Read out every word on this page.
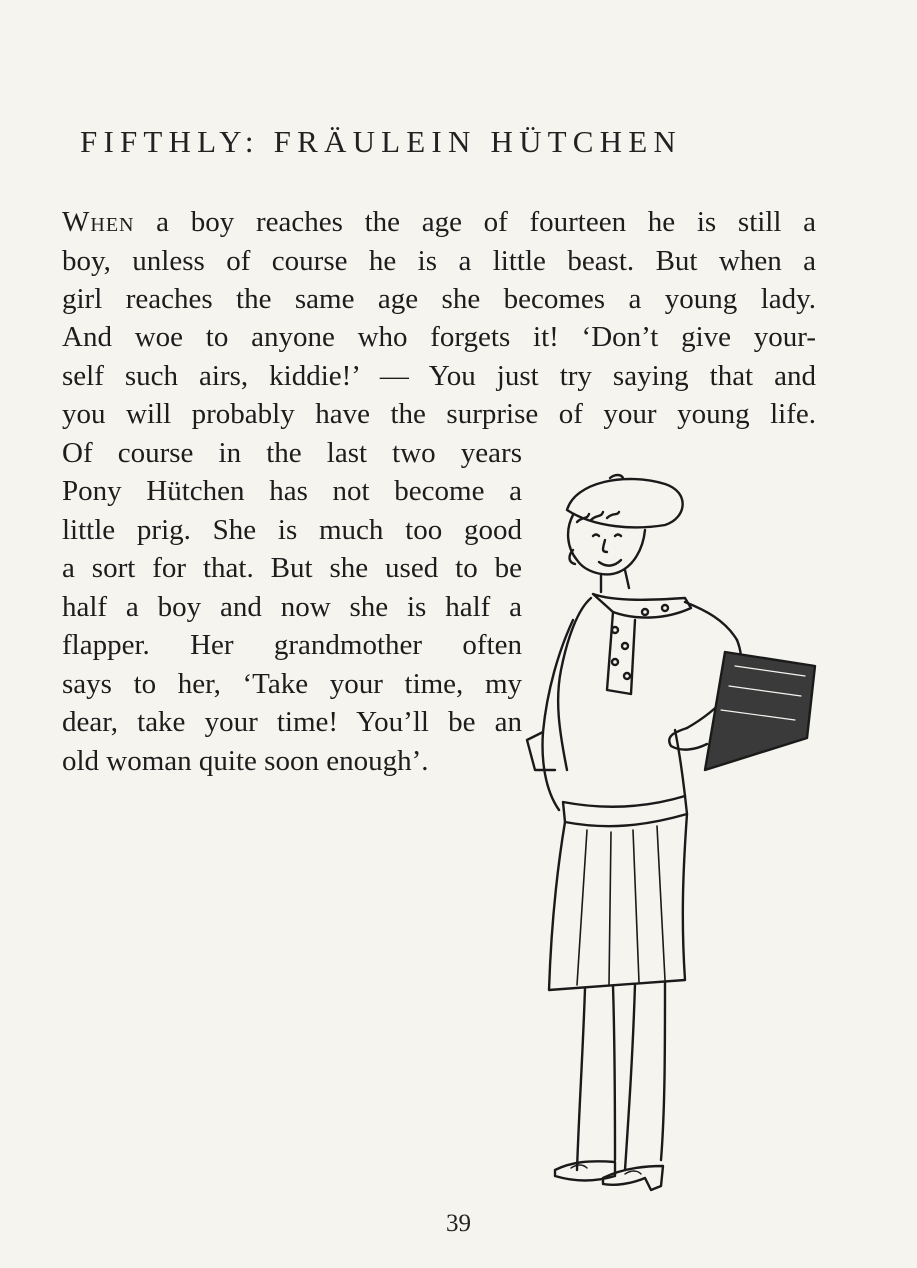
FIFTHLY: FRÄULEIN HÜTCHEN
When a boy reaches the age of fourteen he is still a
boy, unless of course he is a little beast. But when a
girl reaches the same age she becomes a young lady.
And woe to anyone who forgets it! ‘Don’t give your-
self such airs, kiddie!’ — You just try saying that and
you will probably have the surprise of your young life.
Of course in the last two years
Pony Hütchen has not become a
little prig. She is much too good
a sort for that. But she used to be
half a boy and now she is half a
flapper. Her grandmother often
says to her, ‘Take your time, my
dear, take your time! You’ll be an
old woman quite soon enough’.
39
